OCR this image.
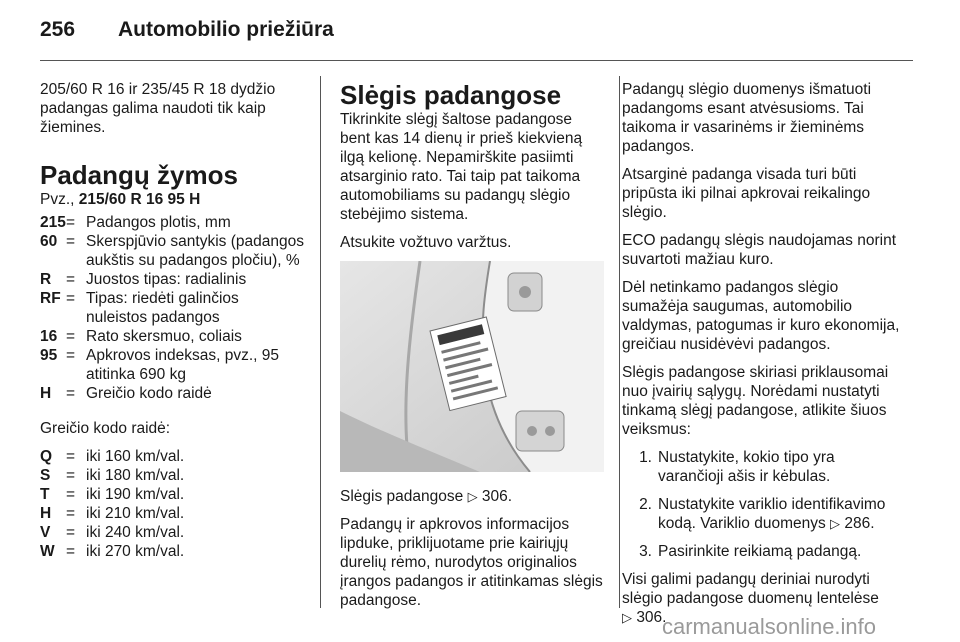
256 Automobilio priežiūra

205/60 R 16 ir 235/45 R 18 dydžio padangas galima naudoti tik kaip žiemines.

Padangų žymos
Pvz., 215/60 R 16 95 H
215 = Padangos plotis, mm
60 = Skerspjūvio santykis (padangos aukštis su padangos pločiu), %
R = Juostos tipas: radialinis
RF = Tipas: riedėti galinčios nuleistos padangos
16 = Rato skersmuo, coliais
95 = Apkrovos indeksas, pvz., 95 atitinka 690 kg
H = Greičio kodo raidė

Greičio kodo raidė:

Q = iki 160 km/val.
S	= iki 180 km/val.
T	= iki 190 km/val.
H = iki 210 km/val.
V	= iki 240 km/val.
W = iki 270 km/val.
Slėgis padangose

Tikrinkite slėgį šaltose padangose bent kas 14 dienų ir prieš kiekvieną ilgą kelionę. Nepamirškite pasiimti atsarginio rato. Tai taip pat taikoma automobiliams su padangų slėgio stebėjimo sistema.

Atsukite vožtuvo varžtus.

Slėgis padangose ▷ 306.

Padangų ir apkrovos informacijos lipduke, priklijuotame prie kairiųjų durelių rėmo, nurodytos originalios įrangos padangos ir atitinkamas slėgis padangose.

Padangų slėgio duomenys išmatuoti padangoms esant atvėsusioms. Tai taikoma ir vasarinėms ir žieminėms padangos.

Atsarginė padanga visada turi būti pripūsta iki pilnai apkrovai reikalingo slėgio.

ECO padangų slėgis naudojamas norint suvartoti mažiau kuro.

Dėl netinkamo padangos slėgio sumažėja saugumas, automobilio valdymas, patogumas ir kuro ekonomija, greičiau nusidėvėvi padangos.

Slėgis padangose skiriasi priklausomai nuo įvairių sąlygų. Norėdami nustatyti tinkamą slėgį padangose, atlikite šiuos veiksmus:

1. Nustatykite, kokio tipo yra varančioji ašis ir kėbulas.
2. Nustatykite variklio identifikavimo kodą. Variklio duomenys ▷ 286.
3. Pasirinkite reikiamą padangą.

Visi galimi padangų deriniai nurodyti slėgio padangose duomenų lentelėse
▷ 306.

carmanualsonline.info
